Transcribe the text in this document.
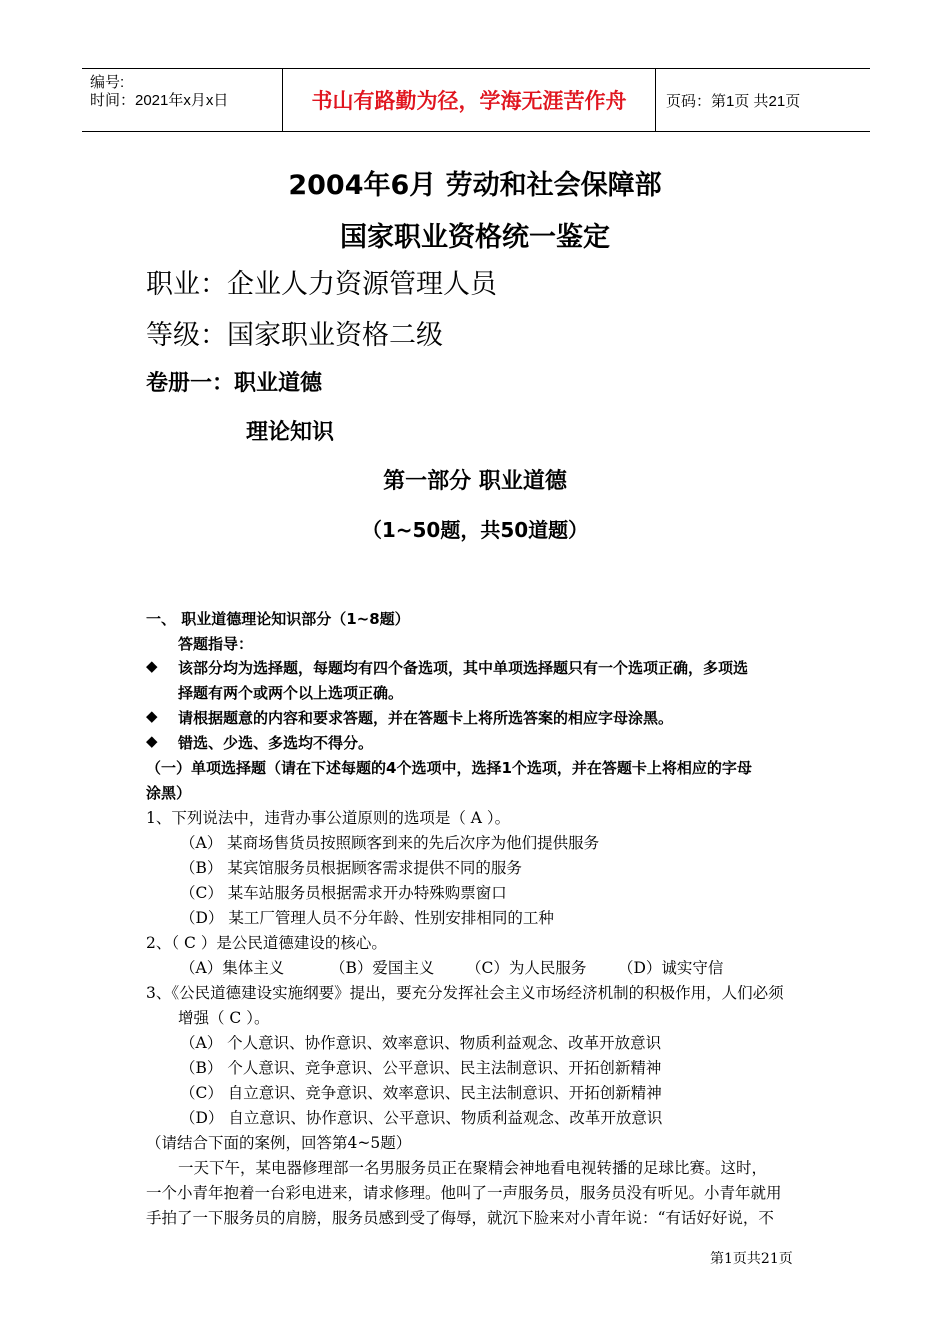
编号:
时间：2021年x月x日	书山有路勤为径，学海无涯苦作舟	页码：第1页 共21页
2004年6月 劳动和社会保障部
国家职业资格统一鉴定
职业：企业人力资源管理人员
等级：国家职业资格二级
卷册一：职业道德
理论知识
第一部分 职业道德
（1~50题，共50道题）
一、 职业道德理论知识部分（1~8题）
答题指导：
◆ 该部分均为选择题，每题均有四个备选项，其中单项选择题只有一个选项正确，多项选
择题有两个或两个以上选项正确。
◆ 请根据题意的内容和要求答题，并在答题卡上将所选答案的相应字母涂黑。
◆ 错选、少选、多选均不得分。
（一）单项选择题（请在下述每题的4个选项中，选择1个选项，并在答题卡上将相应的字母
涂黑）
1、下列说法中，违背办事公道原则的选项是（ A ）。
（A） 某商场售货员按照顾客到来的先后次序为他们提供服务
（B） 某宾馆服务员根据顾客需求提供不同的服务
（C） 某车站服务员根据需求开办特殊购票窗口
（D） 某工厂管理人员不分年龄、性别安排相同的工种
2、（ C ）是公民道德建设的核心。
（A）集体主义	（B）爱国主义 （C）为人民服务 （D）诚实守信
3、《公民道德建设实施纲要》提出，要充分发挥社会主义市场经济机制的积极作用，人们必须
增强（ C ）。
（A） 个人意识、协作意识、效率意识、物质利益观念、改革开放意识
（B） 个人意识、竞争意识、公平意识、民主法制意识、开拓创新精神
（C） 自立意识、竞争意识、效率意识、民主法制意识、开拓创新精神
（D） 自立意识、协作意识、公平意识、物质利益观念、改革开放意识
（请结合下面的案例，回答第4~5题）
一天下午，某电器修理部一名男服务员正在聚精会神地看电视转播的足球比赛。这时，
一个小青年抱着一台彩电进来，请求修理。他叫了一声服务员，服务员没有听见。小青年就用
手拍了一下服务员的肩膀，服务员感到受了侮辱，就沉下脸来对小青年说：“有话好好说，不
第1页共21页
